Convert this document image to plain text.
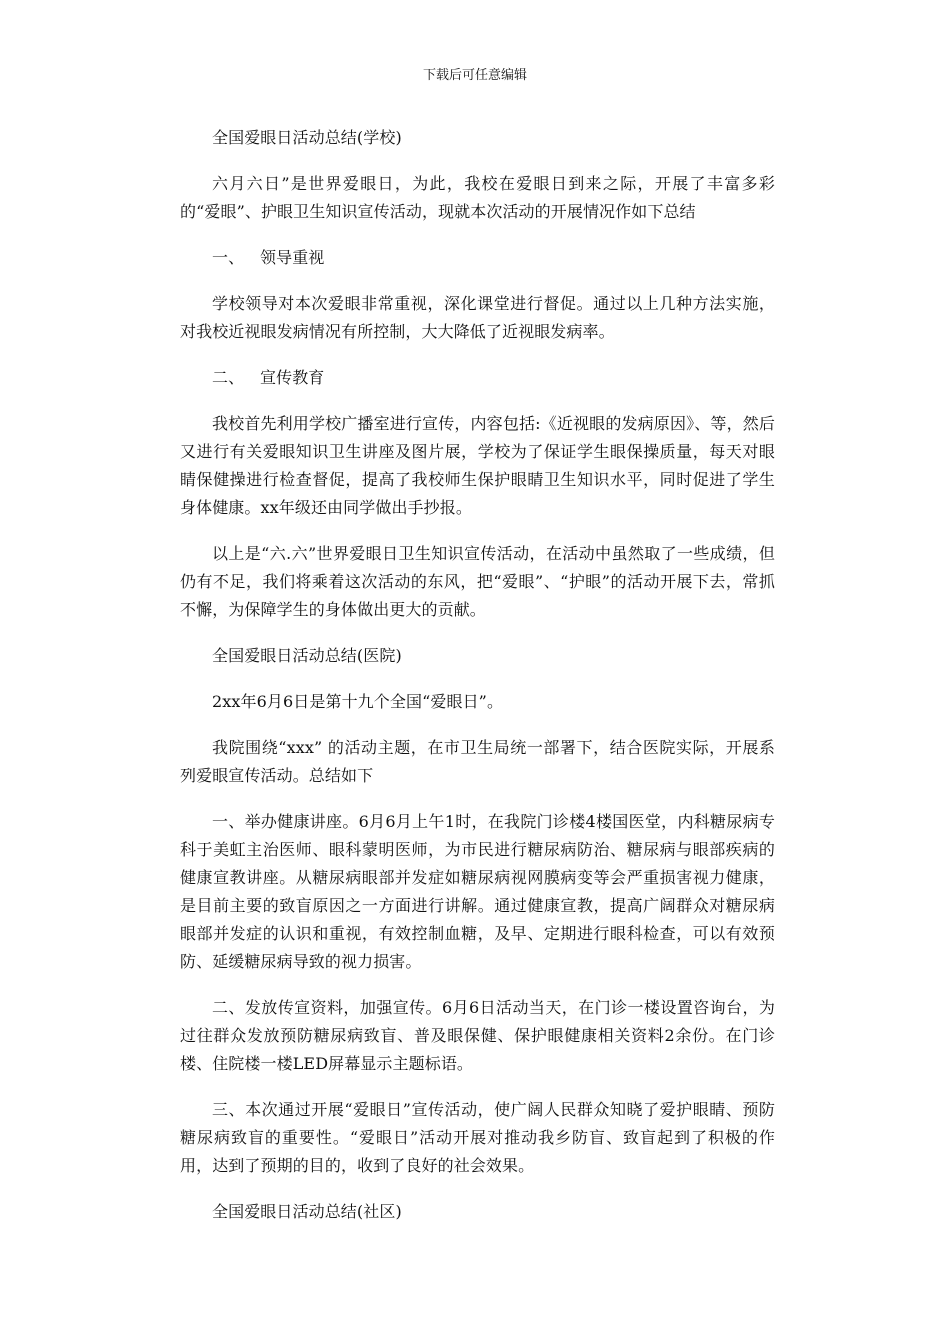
下载后可任意编辑

全国爱眼日活动总结(学校)

六月六日”是世界爱眼日，为此，我校在爱眼日到来之际，开展了丰富多彩的“爱眼”、护眼卫生知识宣传活动，现就本次活动的开展情况作如下总结

一、 领导重视

学校领导对本次爱眼非常重视，深化课堂进行督促。通过以上几种方法实施，对我校近视眼发病情况有所控制，大大降低了近视眼发病率。

二、 宣传教育

我校首先利用学校广播室进行宣传，内容包括:《近视眼的发病原因》、等，然后又进行有关爱眼知识卫生讲座及图片展，学校为了保证学生眼保操质量，每天对眼睛保健操进行检查督促，提高了我校师生保护眼睛卫生知识水平，同时促进了学生身体健康。xx年级还由同学做出手抄报。

以上是“六.六”世界爱眼日卫生知识宣传活动，在活动中虽然取了一些成绩，但仍有不足，我们将乘着这次活动的东风，把“爱眼”、“护眼”的活动开展下去，常抓不懈，为保障学生的身体做出更大的贡献。

全国爱眼日活动总结(医院)

2xx年6月6日是第十九个全国“爱眼日”。

我院围绕“xxx” 的活动主题，在市卫生局统一部署下，结合医院实际，开展系列爱眼宣传活动。总结如下

一、举办健康讲座。6月6月上午1时，在我院门诊楼4楼国医堂，内科糖尿病专科于美虹主治医师、眼科蒙明医师，为市民进行糖尿病防治、糖尿病与眼部疾病的健康宣教讲座。从糖尿病眼部并发症如糖尿病视网膜病变等会严重损害视力健康，是目前主要的致盲原因之一方面进行讲解。通过健康宣教，提高广阔群众对糖尿病眼部并发症的认识和重视，有效控制血糖，及早、定期进行眼科检查，可以有效预防、延缓糖尿病导致的视力损害。

二、发放传宣资料，加强宣传。6月6日活动当天，在门诊一楼设置咨询台，为过往群众发放预防糖尿病致盲、普及眼保健、保护眼健康相关资料2余份。在门诊楼、住院楼一楼LED屏幕显示主题标语。

三、本次通过开展“爱眼日”宣传活动，使广阔人民群众知晓了爱护眼睛、预防糖尿病致盲的重要性。“爱眼日”活动开展对推动我乡防盲、致盲起到了积极的作用，达到了预期的目的，收到了良好的社会效果。

全国爱眼日活动总结(社区)
